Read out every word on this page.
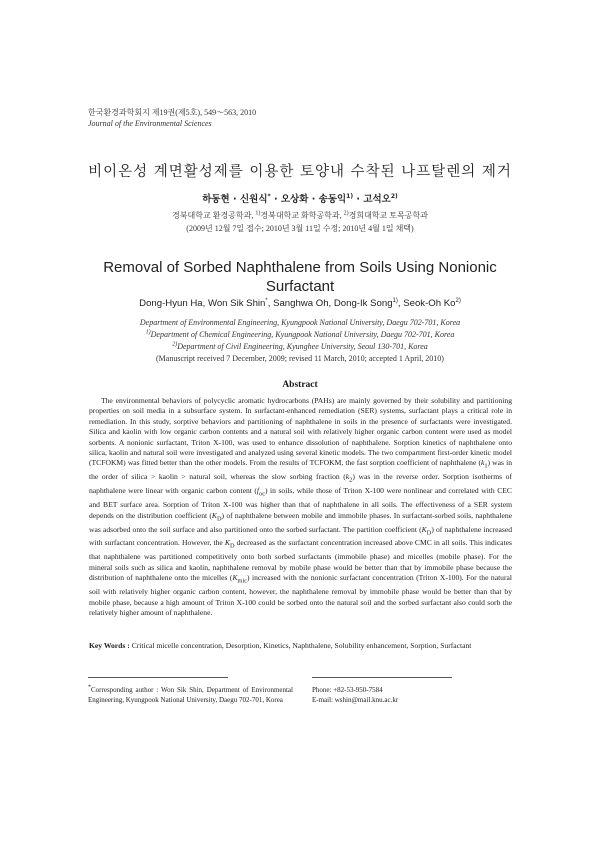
한국환경과학회지 제19권(제5호), 549～563, 2010
Journal of the Environmental Sciences
비이온성 계면활성제를 이용한 토양내 수착된 나프탈렌의 제거
하동현 · 신원식* · 오상화 · 송동익$^{1)}$ · 고석오$^{2)}$
경북대학교 환경공학과, $^{1)}$경북대학교 화학공학과, $^{2)}$경희대학교 토목공학과
(2009년 12월 7일 접수; 2010년 3월 11일 수정; 2010년 4월 1일 채택)
Removal of Sorbed Naphthalene from Soils Using Nonionic Surfactant
Dong-Hyun Ha, Won Sik Shin*, Sanghwa Oh, Dong-Ik Song$^{1)}$, Seok-Oh Ko$^{2)}$
Department of Environmental Engineering, Kyungpook National University, Daegu 702-701, Korea
$^{1)}$Department of Chemical Engineering, Kyungpook National University, Daegu 702-701, Korea
$^{2)}$Department of Civil Engineering, Kyunghee University, Seoul 130-701, Korea
(Manuscript received 7 December, 2009; revised 11 March, 2010; accepted 1 April, 2010)
Abstract

The environmental behaviors of polycyclic aromatic hydrocarbons (PAHs) are mainly governed by their solubility and partitioning properties on soil media in a subsurface system. In surfactant-enhanced remediation (SER) systems, surfactant plays a critical role in remediation. In this study, sorptive behaviors and partitioning of naphthalene in soils in the presence of surfactants were investigated. Silica and kaolin with low organic carbon contents and a natural soil with relatively higher organic carbon content were used as model sorbents. A nonionic surfactant, Triton X-100, was used to enhance dissolution of naphthalene. Sorption kinetics of naphthalene onto silica, kaolin and natural soil were investigated and analyzed using several kinetic models. The two compartment first-order kinetic model (TCFOKM) was fitted better than the other models. From the results of TCFOKM, the fast sorption coefficient of naphthalene $(k_1)$ was in the order of silica > kaolin > natural soil, whereas the slow sorbing fraction $(k_2)$ was in the reverse order. Sorption isotherms of naphthalene were linear with organic carbon content $(f_{oc})$ in soils, while those of Triton X-100 were nonlinear and correlated with CEC and BET surface area. Sorption of Triton X-100 was higher than that of naphthalene in all soils. The effectiveness of a SER system depends on the distribution coefficient $(K_D)$ of naphthalene between mobile and immobile phases. In surfactant-sorbed soils, naphthalene was adsorbed onto the soil surface and also partitioned onto the sorbed surfactant. The partition coefficient $(K_D)$ of naphthalene increased with surfactant concentration. However, the $K_D$ decreased as the surfactant concentration increased above CMC in all soils. This indicates that naphthalene was partitioned competitively onto both sorbed surfactants (immobile phase) and micelles (mobile phase). For the mineral soils such as silica and kaolin, naphthalene removal by mobile phase would be better than that by immobile phase because the distribution of naphthalene onto the micelles $(K_{mic})$ increased with the nonionic surfactant concentration (Triton X-100). For the natural soil with relatively higher organic carbon content, however, the naphthalene removal by immobile phase would be better than that by mobile phase, because a high amount of Triton X-100 could be sorbed onto the natural soil and the sorbed surfactant also could sorb the relatively higher amount of naphthalene.

Key Words : Critical micelle concentration, Desorption, Kinetics, Naphthalene, Solubility enhancement, Sorption, Surfactant
*Corresponding author : Won Sik Shin, Department of Environmental Engineering, Kyungpook National University, Daegu 702-701, Korea
Phone: +82-53-950-7584
E-mail: wshin@mail.knu.ac.kr
